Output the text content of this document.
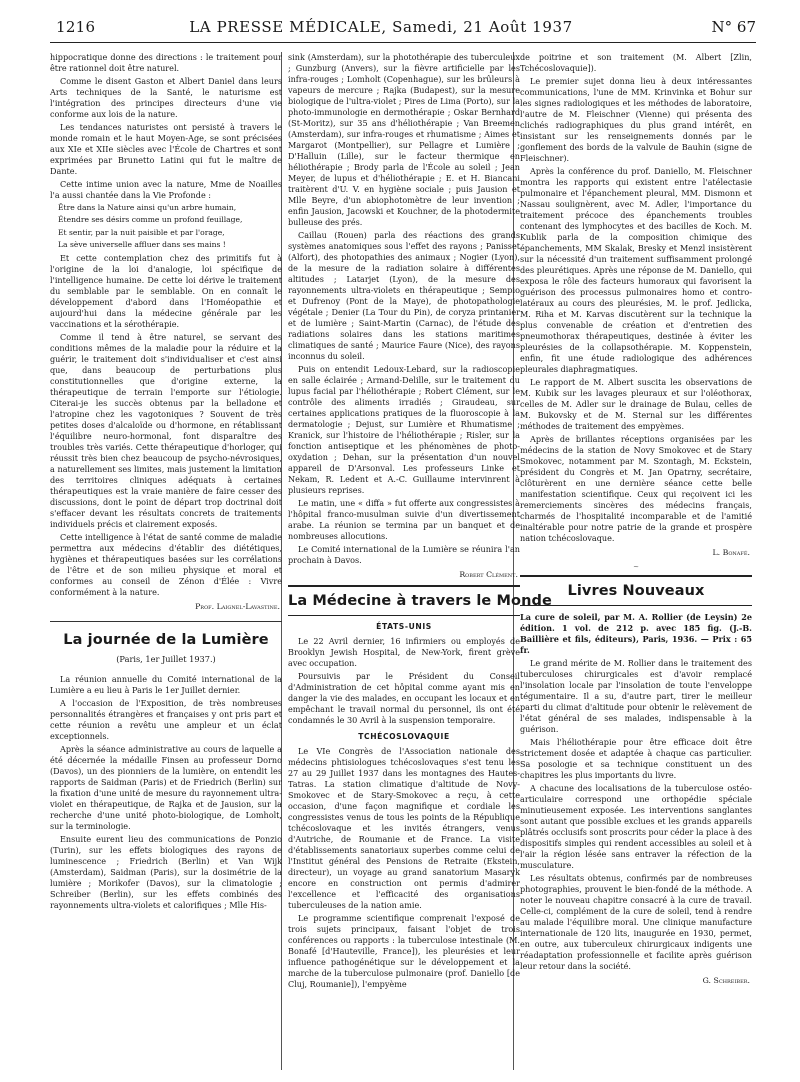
1216	LA PRESSE MÉDICALE, Samedi, 21 Août 1937	N° 67

hippocratique donne des directions : le traitement pour être rationnel doit être naturel.

Comme le disent Gaston et Albert Daniel dans leurs Arts techniques de la Santé, le naturisme est l'intégration des principes directeurs d'une vie conforme aux lois de la nature.

Les tendances naturistes ont persisté à travers le monde romain et le haut Moyen-Age, se sont précisées aux XIe et XIIe siècles avec l'École de Chartres et sont exprimées par Brunetto Latini qui fut le maître de Dante.

Cette intime union avec la nature, Mme de Noailles l'a aussi chantée dans la Vie Profonde :

Être dans la Nature ainsi qu'un arbre humain,

Étendre ses désirs comme un profond feuillage,

Et sentir, par la nuit paisible et par l'orage,

La sève universelle affluer dans ses mains !

Et cette contemplation chez des primitifs fut à l'origine de la loi d'analogie, loi spécifique de l'intelligence humaine. De cette loi dérive le traitement du semblable par le semblable. On en connaît le développement d'abord dans l'Homéopathie et aujourd'hui dans la médecine générale par les vaccinations et la sérothérapie.

Comme il tend à être naturel, se servant des conditions mêmes de la maladie pour la réduire et la guérir, le traitement doit s'individualiser et c'est ainsi que, dans beaucoup de perturbations plus constitutionnelles que d'origine externe, la thérapeutique de terrain l'emporte sur l'étiologie. Citerai-je les succès obtenus par la belladone et l'atropine chez les vagotoniques ? Souvent de très petites doses d'alcaloïde ou d'hormone, en rétablissant l'équilibre neuro-hormonal, font disparaître des troubles très variés. Cette thérapeutique d'horloger, qui réussit très bien chez beaucoup de psycho-névrosiques, a naturellement ses limites, mais justement la limitation des territoires cliniques adéquats à certaines thérapeutiques est la vraie manière de faire cesser des discussions, dont le point de départ trop doctrinal doit s'effacer devant les résultats concrets de traitements individuels précis et clairement exposés.

Cette intelligence à l'état de santé comme de maladie permettra aux médecins d'établir des diététiques, hygiènes et thérapeutiques basées sur les corrélations de l'être et de son milieu physique et moral et conformes au conseil de Zénon d'Élée : Vivre conformément à la nature.

Prof. Laignel-Lavastine.
La journée de la Lumière
(Paris, 1er Juillet 1937.)

La réunion annuelle du Comité international de la Lumière a eu lieu à Paris le 1er Juillet dernier.

A l'occasion de l'Exposition, de très nombreuses personnalités étrangères et françaises y ont pris part et cette réunion a revêtu une ampleur et un éclat exceptionnels.

Après la séance administrative au cours de laquelle a été décernée la médaille Finsen au professeur Dorno (Davos), un des pionniers de la lumière, on entendit les rapports de Saidman (Paris) et de Friedrich (Berlin) sur la fixation d'une unité de mesure du rayonnement ultra-violet en thérapeutique, de Rajka et de Jausion, sur la recherche d'une unité photo-biologique, de Lomholt, sur la terminologie.

Ensuite eurent lieu des communications de Ponzio (Turin), sur les effets biologiques des rayons de luminescence ; Friedrich (Berlin) et Van Wijk (Amsterdam), Saidman (Paris), sur la dosimétrie de la lumière ; Morikofer (Davos), sur la climatologie ; Schreiber (Berlin), sur les effets combinés des rayonnements ultra-violets et calorifiques ; Mlle His-

sink (Amsterdam), sur la photothérapie des tuberculeux ; Gunzburg (Anvers), sur la fièvre artificielle par les infra-rouges ; Lomholt (Copenhague), sur les brûleurs à vapeurs de mercure ; Rajka (Budapest), sur la mesure biologique de l'ultra-violet ; Pires de Lima (Porto), sur la photo-immunologie en dermothérapie ; Oskar Bernhard (St-Moritz), sur 35 ans d'héliothérapie ; Van Breemen (Amsterdam), sur infra-rouges et rhumatisme ; Aimes et Margarot (Montpellier), sur Pellagre et Lumière ; D'Halluin (Lille), sur le facteur thermique en héliothérapie ; Brody parla de l'École au soleil ; Jean Meyer, de lupus et d'héliothérapie ; E. et H. Biancani traitèrent d'U. V. en hygiène sociale ; puis Jausion et Mlle Beyre, d'un abiophotomètre de leur invention ; enfin Jausion, Jacowski et Kouchner, de la photodermite bulleuse des prés.

Caillau (Rouen) parla des réactions des grands systèmes anatomiques sous l'effet des rayons ; Panisset (Alfort), des photopathies des animaux ; Nogier (Lyon), de la mesure de la radiation solaire à différentes altitudes ; Latarjet (Lyon), de la mesure des rayonnements ultra-violets en thérapeutique ; Sempio et Dufrenoy (Pont de la Maye), de photopathologie végétale ; Denier (La Tour du Pin), de coryza printanier et de lumière ; Saint-Martin (Carnac), de l'étude des radiations solaires dans les stations maritimes climatiques de santé ; Maurice Faure (Nice), des rayons inconnus du soleil.

Puis on entendit Ledoux-Lebard, sur la radioscopie en salle éclairée ; Armand-Delille, sur le traitement du lupus facial par l'héliothérapie ; Robert Clément, sur le contrôle des aliments irradiés ; Giraudeau, sur certaines applications pratiques de la fluoroscopie à la dermatologie ; Dejust, sur Lumière et Rhumatisme ; Kranick, sur l'histoire de l'héliothérapie ; Risler, sur la fonction antiseptique et les phénomènes de photo-oxydation ; Dehan, sur la présentation d'un nouvel appareil de D'Arsonval. Les professeurs Linke et Nekam, R. Ledent et A.-C. Guillaume intervinrent à plusieurs reprises.

Le matin, une « diffa » fut offerte aux congressistes à l'hôpital franco-musulman suivie d'un divertissement arabe. La réunion se termina par un banquet et de nombreuses allocutions.

Le Comité international de la Lumière se réunira l'an prochain à Davos.

Robert Clément.
La Médecine à travers le Monde
ÉTATS-UNIS

Le 22 Avril dernier, 16 infirmiers ou employés de Brooklyn Jewish Hospital, de New-York, firent grève avec occupation.

Poursuivis par le Président du Conseil d'Administration de cet hôpital comme ayant mis en danger la vie des malades, en occupant les locaux et en empêchant le travail normal du personnel, ils ont été condamnés le 30 Avril à la suspension temporaire.

TCHÉCOSLOVAQUIE

Le VIe Congrès de l'Association nationale des médecins phtisiologues tchécoslovaques s'est tenu les 27 au 29 Juillet 1937 dans les montagnes des Hautes-Tatras. La station climatique d'altitude de Novy-Smokovec et de Stary-Smokovec a reçu, à cette occasion, d'une façon magnifique et cordiale les congressistes venus de tous les points de la République tchécoslovaque et les invités étrangers, venus d'Autriche, de Roumanie et de France. La visite d'établissements sanatoriaux superbes comme celui de l'Institut général des Pensions de Retraite (Ekstein, directeur), un voyage au grand sanatorium Masaryk encore en construction ont permis d'admirer l'excellence et l'efficacité des organisations tuberculeuses de la nation amie.

Le programme scientifique comprenait l'exposé de trois sujets principaux, faisant l'objet de trois conférences ou rapports : la tuberculose intestinale (M. Bonafé [d'Hauteville, France]), les pleurésies et leur influence pathogénétique sur le développement et la marche de la tuberculose pulmonaire (prof. Daniello [de Cluj, Roumanie]), l'empyème

de poitrine et son traitement (M. Albert [Zlin, Tchécoslovaquie]).

Le premier sujet donna lieu à deux intéressantes communications, l'une de MM. Krinvinka et Bohur sur les signes radiologiques et les méthodes de laboratoire, l'autre de M. Fleischner (Vienne) qui présenta des clichés radiographiques du plus grand intérêt, en insistant sur les renseignements donnés par le gonflement des bords de la valvule de Bauhin (signe de Fleischner).

Après la conférence du prof. Daniello, M. Fleischner montra les rapports qui existent entre l'atélectasie pulmonaire et l'épanchement pleural, MM. Dismonn et Nassau soulignèrent, avec M. Adler, l'importance du traitement précoce des épanchements troubles contenant des lymphocytes et des bacilles de Koch. M. Kublik parla de la composition chimique des épanchements, MM Skalak, Bresky et Menzl insistèrent sur la nécessité d'un traitement suffisamment prolongé des pleurétiques. Après une réponse de M. Daniello, qui exposa le rôle des facteurs humoraux qui favorisent la guérison des processus pulmonaires homo et contro-latéraux au cours des pleurésies, M. le prof. Jedlicka, M. Riha et M. Karvas discutèrent sur la technique la plus convenable de création et d'entretien des pneumothorax thérapeutiques, destinée à éviter les pleurésies de la collapsothérapie. M. Koppenstein, enfin, fit une étude radiologique des adhérences pleurales diaphragmatiques.

Le rapport de M. Albert suscita les observations de M. Kubik sur les lavages pleuraux et sur l'oléothorax, celles de M. Adler sur le drainage de Bulau, celles de M. Bukovsky et de M. Sternal sur les différentes méthodes de traitement des empyèmes.

Après de brillantes réceptions organisées par les médecins de la station de Novy Smokovec et de Stary Smokovec, notamment par M. Szontagh, M. Eckstein, président du Congrès et M. Jan Opatrny, secrétaire, clôturèrent en une dernière séance cette belle manifestation scientifique. Ceux qui reçoivent ici les remerciements sincères des médecins français, charmés de l'hospitalité incomparable et de l'amitié inaltérable pour notre patrie de la grande et prospère nation tchécoslovaque.

L. Bonafé.
~
Livres Nouveaux

La cure de soleil, par M. A. Rollier (de Leysin) 2e édition. 1 vol. de 212 p. avec 185 fig. (J.-B. Baillière et fils, éditeurs), Paris, 1936. — Prix : 65 fr.

Le grand mérite de M. Rollier dans le traitement des tuberculoses chirurgicales est d'avoir remplacé l'insolation locale par l'insolation de toute l'enveloppe tégumentaire. Il a su, d'autre part, tirer le meilleur parti du climat d'altitude pour obtenir le relèvement de l'état général de ses malades, indispensable à la guérison.

Mais l'héliothérapie pour être efficace doit être strictement dosée et adaptée à chaque cas particulier. Sa posologie et sa technique constituent un des chapitres les plus importants du livre.

A chacune des localisations de la tuberculose ostéo-articulaire correspond une orthopédie spéciale minutieusement exposée. Les interventions sanglantes sont autant que possible exclues et les grands appareils plâtrés occlusifs sont proscrits pour céder la place à des dispositifs simples qui rendent accessibles au soleil et à l'air la région lésée sans entraver la réfection de la musculature.

Les résultats obtenus, confirmés par de nombreuses photographies, prouvent le bien-fondé de la méthode. A noter le nouveau chapitre consacré à la cure de travail. Celle-ci, complément de la cure de soleil, tend à rendre au malade l'équilibre moral. Une clinique manufacture internationale de 120 lits, inaugurée en 1930, permet, en outre, aux tuberculeux chirurgicaux indigents une réadaptation professionnelle et facilite après guérison leur retour dans la société.

G. Schreiber.
